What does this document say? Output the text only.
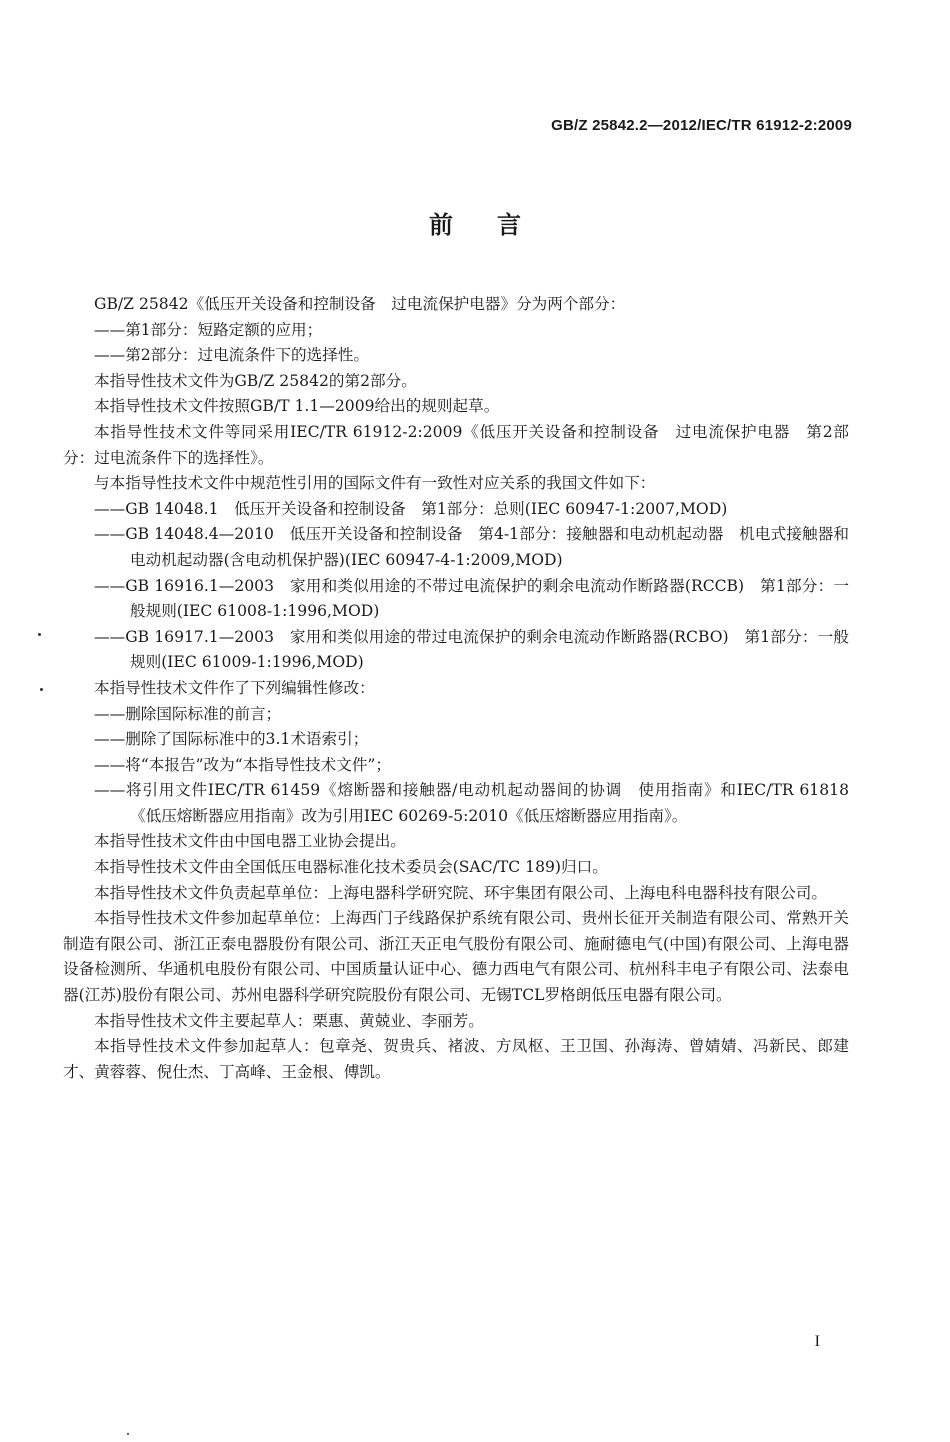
GB/Z 25842.2—2012/IEC/TR 61912-2:2009
前言

GB/Z 25842《低压开关设备和控制设备　过电流保护电器》分为两个部分：

——第1部分：短路定额的应用；

——第2部分：过电流条件下的选择性。

本指导性技术文件为GB/Z 25842的第2部分。

本指导性技术文件按照GB/T 1.1—2009给出的规则起草。

本指导性技术文件等同采用IEC/TR 61912-2:2009《低压开关设备和控制设备　过电流保护电器　第2部分：过电流条件下的选择性》。

与本指导性技术文件中规范性引用的国际文件有一致性对应关系的我国文件如下：

——GB 14048.1　低压开关设备和控制设备　第1部分：总则(IEC 60947-1:2007,MOD)

——GB 14048.4—2010　低压开关设备和控制设备　第4-1部分：接触器和电动机起动器　机电式接触器和电动机起动器(含电动机保护器)(IEC 60947-4-1:2009,MOD)

——GB 16916.1—2003　家用和类似用途的不带过电流保护的剩余电流动作断路器(RCCB)　第1部分：一般规则(IEC 61008-1:1996,MOD)

——GB 16917.1—2003　家用和类似用途的带过电流保护的剩余电流动作断路器(RCBO)　第1部分：一般规则(IEC 61009-1:1996,MOD)

本指导性技术文件作了下列编辑性修改：

——删除国际标准的前言；

——删除了国际标准中的3.1术语索引；

——将“本报告”改为“本指导性技术文件”；

——将引用文件IEC/TR 61459《熔断器和接触器/电动机起动器间的协调　使用指南》和IEC/TR 61818《低压熔断器应用指南》改为引用IEC 60269-5:2010《低压熔断器应用指南》。

本指导性技术文件由中国电器工业协会提出。

本指导性技术文件由全国低压电器标准化技术委员会(SAC/TC 189)归口。

本指导性技术文件负责起草单位：上海电器科学研究院、环宇集团有限公司、上海电科电器科技有限公司。

本指导性技术文件参加起草单位：上海西门子线路保护系统有限公司、贵州长征开关制造有限公司、常熟开关制造有限公司、浙江正泰电器股份有限公司、浙江天正电气股份有限公司、施耐德电气(中国)有限公司、上海电器设备检测所、华通机电股份有限公司、中国质量认证中心、德力西电气有限公司、杭州科丰电子有限公司、法泰电器(江苏)股份有限公司、苏州电器科学研究院股份有限公司、无锡TCL罗格朗低压电器有限公司。

本指导性技术文件主要起草人：栗惠、黄兢业、李丽芳。

本指导性技术文件参加起草人：包章尧、贺贵兵、褚波、方凤枢、王卫国、孙海涛、曾婧婧、冯新民、郎建才、黄蓉蓉、倪仕杰、丁高峰、王金根、傅凯。

I
